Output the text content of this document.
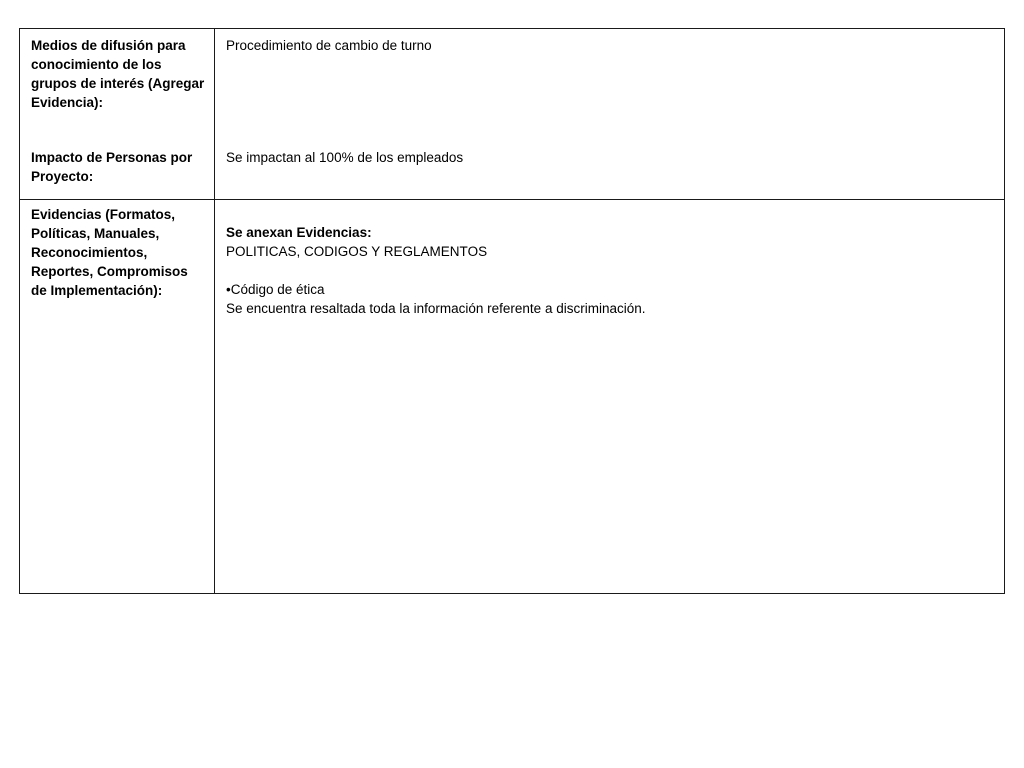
Medios de difusión para
conocimiento de los
grupos de interés (Agregar
Evidencia):
Procedimiento de cambio de turno
Impacto de Personas por
Proyecto:
Se impactan al 100% de los empleados
Evidencias (Formatos,
Políticas, Manuales,
Reconocimientos,
Reportes, Compromisos
de Implementación):
Se anexan Evidencias:
POLITICAS, CODIGOS Y REGLAMENTOS
•Código de ética
Se encuentra resaltada toda la información referente a discriminación.
